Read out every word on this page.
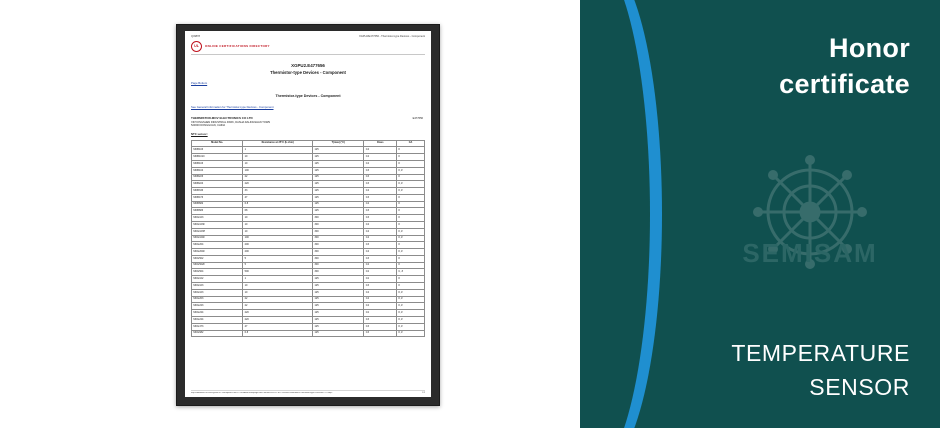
QIN878	XGPU2/E477656 - Thermistor-type Devices - Component
UL	ONLINE CERTIFICATIONS DIRECTORY
XGPU2.E477656
Thermistor-type Devices - Component
Page Bottom
Thermistor-type Devices - Component
See General Information for Thermistor-type Devices - Component
E477656
THERMISTOR-MOV ELECTRONICS CO LTD
XINYONGSHEN INDUSTRIAL PARK, DASHA DALINGSHAN TOWN
523000 DONGGUAN, CHINA
NTC sensor:
Model No.	Resistance at 25°C (k ohm)	T(max) (°C)	Class	CA
MNB103	1	125	C4	#
MNB1010	10	125	C4	#
MNB103	10	125	C4	#
MNB104	100	125	C3	#, #
MNB223	22	125	C3	#
MNB224	220	125	C3	#, #
MNB333	33	125	C4	#, #
MNB473	47	125	C3	#
MNB682	6.8	125	C4	#
MNB683	68	125	C3	#
MNG103	10	300	C3	#
MNG103F	10	300	C4	#
MNG103H	10	300	C4	#, #
MNG104F	100	300	C4	#, #
MNG204	200	300	C3	#
MNG204F	200	300	C4	#, #
MNG502	5	300	C3	#
MNG502F	5	300	C4	#
MNG504	500	300	C2	C, #
MNG102	1	125	C2	#
MNG103	10	125	C3	#
MNG103	10	125	C4	#, #
MNG203	22	125	C4	#, #
MNG223	22	125	C4	#, #
MNG224	220	125	C2	#, #
MNG224	220	125	C3	#, #
MNG473	47	125	C3	#, #
MNG682	6.8	125	C3	#, #
http://database.ul.com/cgi-bin/XYV/template/LISEXT/1FRAME/showpage.html?name=XGPU2.E477656&ccnshorttitle=Thermistor-type+Devices+-+Comp...	1/2
Honor
certificate
SEMISAM
TEMPERATURE
SENSOR
